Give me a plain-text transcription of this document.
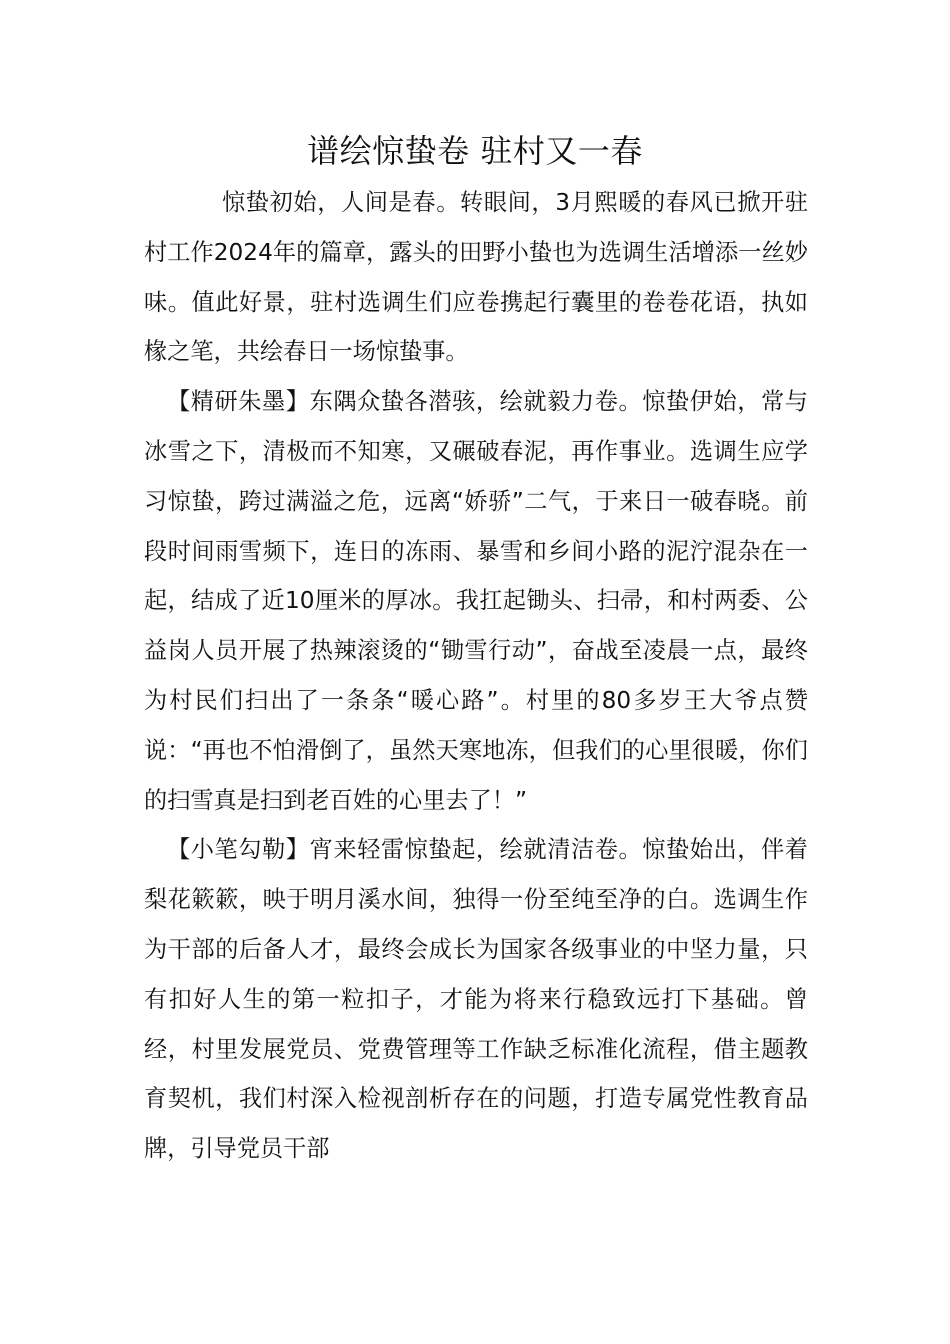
谱绘惊蛰卷 驻村又一春

惊蛰初始，人间是春。转眼间，3月熙暖的春风已掀开驻村工作2024年的篇章，露头的田野小蛰也为选调生活增添一丝妙味。值此好景，驻村选调生们应卷携起行囊里的卷卷花语，执如椽之笔，共绘春日一场惊蛰事。

【精研朱墨】东隅众蛰各潜骇，绘就毅力卷。惊蛰伊始，常与冰雪之下，清极而不知寒，又碾破春泥，再作事业。选调生应学习惊蛰，跨过满溢之危，远离“娇骄”二气，于来日一破春晓。前段时间雨雪频下，连日的冻雨、暴雪和乡间小路的泥泞混杂在一起，结成了近10厘米的厚冰。我扛起锄头、扫帚，和村两委、公益岗人员开展了热辣滚烫的“锄雪行动”，奋战至凌晨一点，最终为村民们扫出了一条条“暖心路”。村里的80多岁王大爷点赞说：“再也不怕滑倒了，虽然天寒地冻，但我们的心里很暖，你们的扫雪真是扫到老百姓的心里去了！”

【小笔勾勒】宵来轻雷惊蛰起，绘就清洁卷。惊蛰始出，伴着梨花簌簌，映于明月溪水间，独得一份至纯至净的白。选调生作为干部的后备人才，最终会成长为国家各级事业的中坚力量，只有扣好人生的第一粒扣子，才能为将来行稳致远打下基础。曾经，村里发展党员、党费管理等工作缺乏标准化流程，借主题教育契机，我们村深入检视剖析存在的问题，打造专属党性教育品牌，引导党员干部
